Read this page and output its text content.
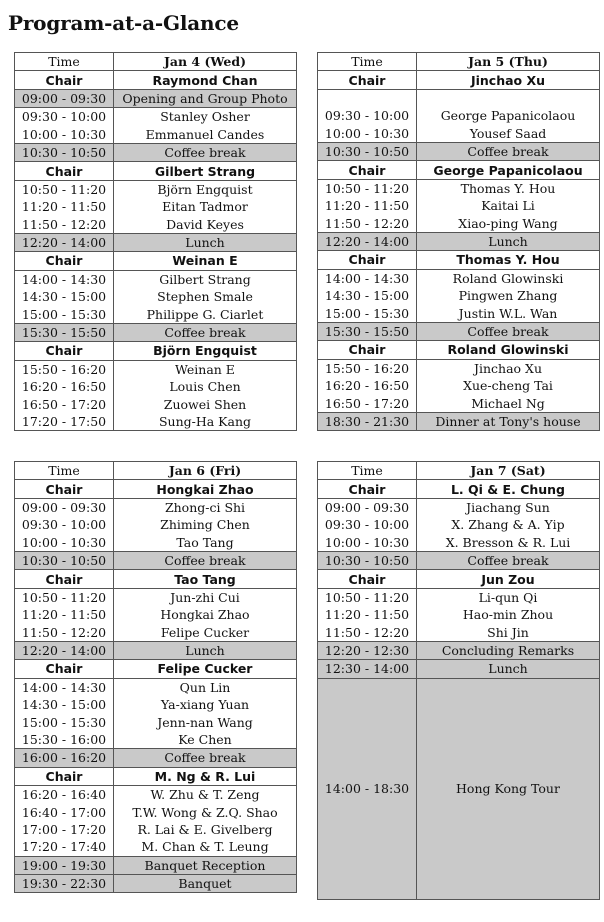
Program-at-a-Glance
Time	Jan 4 (Wed)
Chair	Raymond Chan
09:00 - 09:30	Opening and Group Photo
09:30 - 10:00	Stanley Osher
10:00 - 10:30	Emmanuel Candes
10:30 - 10:50	Coffee break
Chair	Gilbert Strang
10:50 - 11:20	Björn Engquist
11:20 - 11:50	Eitan Tadmor
11:50 - 12:20	David Keyes
12:20 - 14:00	Lunch
Chair	Weinan E
14:00 - 14:30	Gilbert Strang
14:30 - 15:00	Stephen Smale
15:00 - 15:30	Philippe G. Ciarlet
15:30 - 15:50	Coffee break
Chair	Björn Engquist
15:50 - 16:20	Weinan E
16:20 - 16:50	Louis Chen
16:50 - 17:20	Zuowei Shen
17:20 - 17:50	Sung-Ha Kang
Time	Jan 5 (Thu)
Chair	Jinchao Xu

09:30 - 10:00	George Papanicolaou
10:00 - 10:30	Yousef Saad
10:30 - 10:50	Coffee break
Chair	George Papanicolaou
10:50 - 11:20	Thomas Y. Hou
11:20 - 11:50	Kaitai Li
11:50 - 12:20	Xiao-ping Wang
12:20 - 14:00	Lunch
Chair	Thomas Y. Hou
14:00 - 14:30	Roland Glowinski
14:30 - 15:00	Pingwen Zhang
15:00 - 15:30	Justin W.L. Wan
15:30 - 15:50	Coffee break
Chair	Roland Glowinski
15:50 - 16:20	Jinchao Xu
16:20 - 16:50	Xue-cheng Tai
16:50 - 17:20	Michael Ng
18:30 - 21:30	Dinner at Tony's house
Time	Jan 6 (Fri)
Chair	Hongkai Zhao
09:00 - 09:30	Zhong-ci Shi
09:30 - 10:00	Zhiming Chen
10:00 - 10:30	Tao Tang
10:30 - 10:50	Coffee break
Chair	Tao Tang
10:50 - 11:20	Jun-zhi Cui
11:20 - 11:50	Hongkai Zhao
11:50 - 12:20	Felipe Cucker
12:20 - 14:00	Lunch
Chair	Felipe Cucker
14:00 - 14:30	Qun Lin
14:30 - 15:00	Ya-xiang Yuan
15:00 - 15:30	Jenn-nan Wang
15:30 - 16:00	Ke Chen
16:00 - 16:20	Coffee break
Chair	M. Ng & R. Lui
16:20 - 16:40	W. Zhu & T. Zeng
16:40 - 17:00	T.W. Wong & Z.Q. Shao
17:00 - 17:20	R. Lai & E. Givelberg
17:20 - 17:40	M. Chan & T. Leung
19:00 - 19:30	Banquet Reception
19:30 - 22:30	Banquet
Time	Jan 7 (Sat)
Chair	L. Qi & E. Chung
09:00 - 09:30	Jiachang Sun
09:30 - 10:00	X. Zhang & A. Yip
10:00 - 10:30	X. Bresson & R. Lui
10:30 - 10:50	Coffee break
Chair	Jun Zou
10:50 - 11:20	Li-qun Qi
11:20 - 11:50	Hao-min Zhou
11:50 - 12:20	Shi Jin
12:20 - 12:30	Concluding Remarks
12:30 - 14:00	Lunch
14:00 - 18:30	Hong Kong Tour
